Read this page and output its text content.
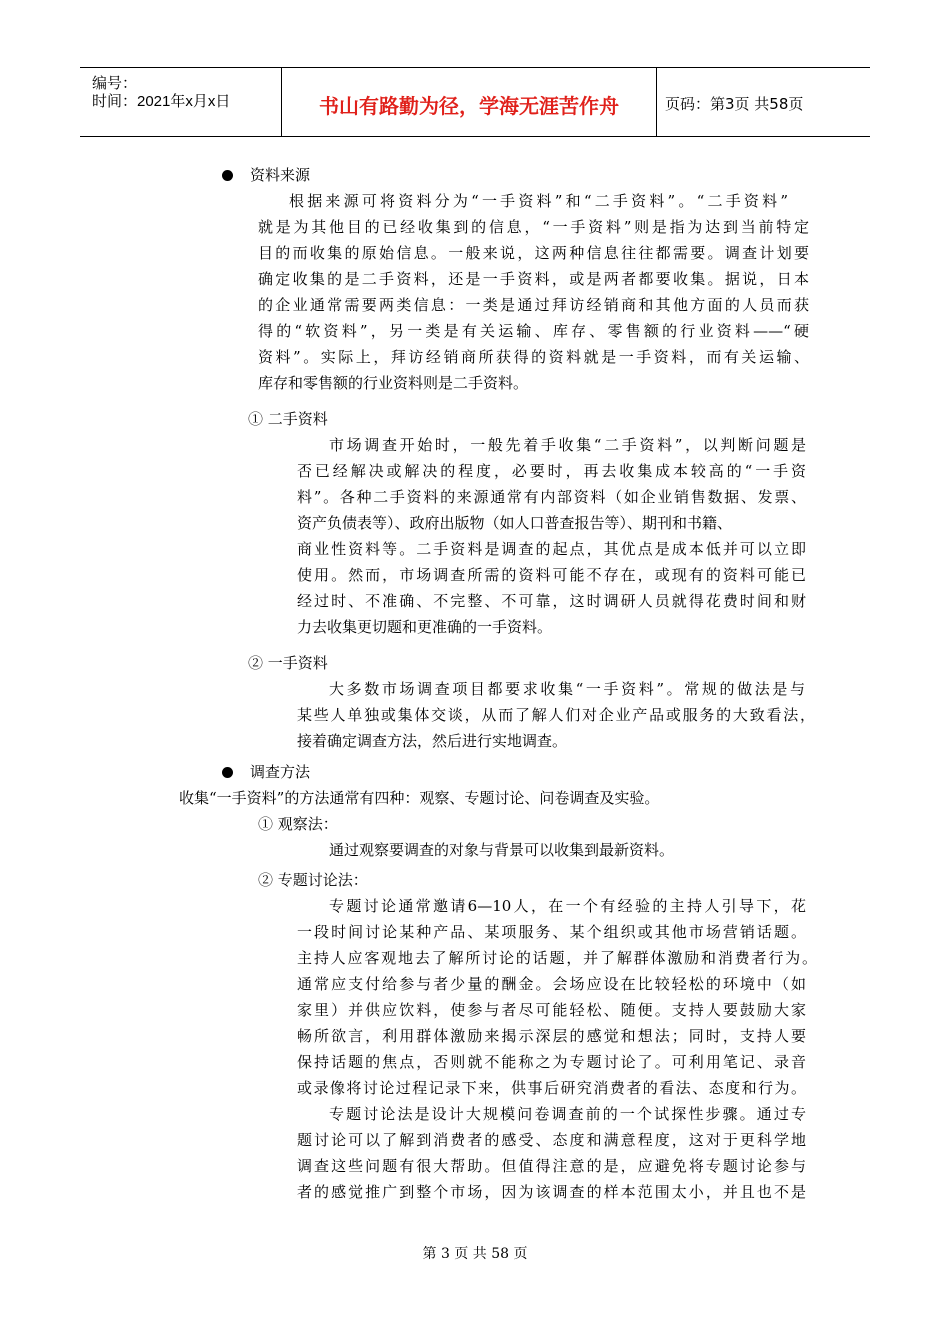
编号：
时间：2021年x月x日	书山有路勤为径，学海无涯苦作舟	页码：第3页 共58页
资料来源
根据来源可将资料分为“一手资料”和“二手资料”。“二手资料”
就是为其他目的已经收集到的信息，“一手资料”则是指为达到当前特定
目的而收集的原始信息。一般来说，这两种信息往往都需要。调查计划要
确定收集的是二手资料，还是一手资料，或是两者都要收集。据说，日本
的企业通常需要两类信息：一类是通过拜访经销商和其他方面的人员而获
得的“软资料”，另一类是有关运输、库存、零售额的行业资料——“硬
资料”。实际上，拜访经销商所获得的资料就是一手资料，而有关运输、
库存和零售额的行业资料则是二手资料。
① 二手资料
市场调查开始时，一般先着手收集“二手资料”，以判断问题是
否已经解决或解决的程度，必要时，再去收集成本较高的“一手资
料”。各种二手资料的来源通常有内部资料（如企业销售数据、发票、
资产负债表等）、政府出版物（如人口普查报告等）、期刊和书籍、
商业性资料等。二手资料是调查的起点，其优点是成本低并可以立即
使用。然而，市场调查所需的资料可能不存在，或现有的资料可能已
经过时、不准确、不完整、不可靠，这时调研人员就得花费时间和财
力去收集更切题和更准确的一手资料。
② 一手资料
大多数市场调查项目都要求收集“一手资料”。常规的做法是与
某些人单独或集体交谈，从而了解人们对企业产品或服务的大致看法，
接着确定调查方法，然后进行实地调查。
调查方法
收集“一手资料”的方法通常有四种：观察、专题讨论、问卷调查及实验。
① 观察法：
通过观察要调查的对象与背景可以收集到最新资料。
② 专题讨论法：
专题讨论通常邀请6—10人，在一个有经验的主持人引导下，花
一段时间讨论某种产品、某项服务、某个组织或其他市场营销话题。
主持人应客观地去了解所讨论的话题，并了解群体激励和消费者行为。
通常应支付给参与者少量的酬金。会场应设在比较轻松的环境中（如
家里）并供应饮料，使参与者尽可能轻松、随便。支持人要鼓励大家
畅所欲言，利用群体激励来揭示深层的感觉和想法；同时，支持人要
保持话题的焦点，否则就不能称之为专题讨论了。可利用笔记、录音
或录像将讨论过程记录下来，供事后研究消费者的看法、态度和行为。
专题讨论法是设计大规模问卷调查前的一个试探性步骤。通过专
题讨论可以了解到消费者的感受、态度和满意程度，这对于更科学地
调查这些问题有很大帮助。但值得注意的是，应避免将专题讨论参与
者的感觉推广到整个市场，因为该调查的样本范围太小，并且也不是
第 3 页 共 58 页
